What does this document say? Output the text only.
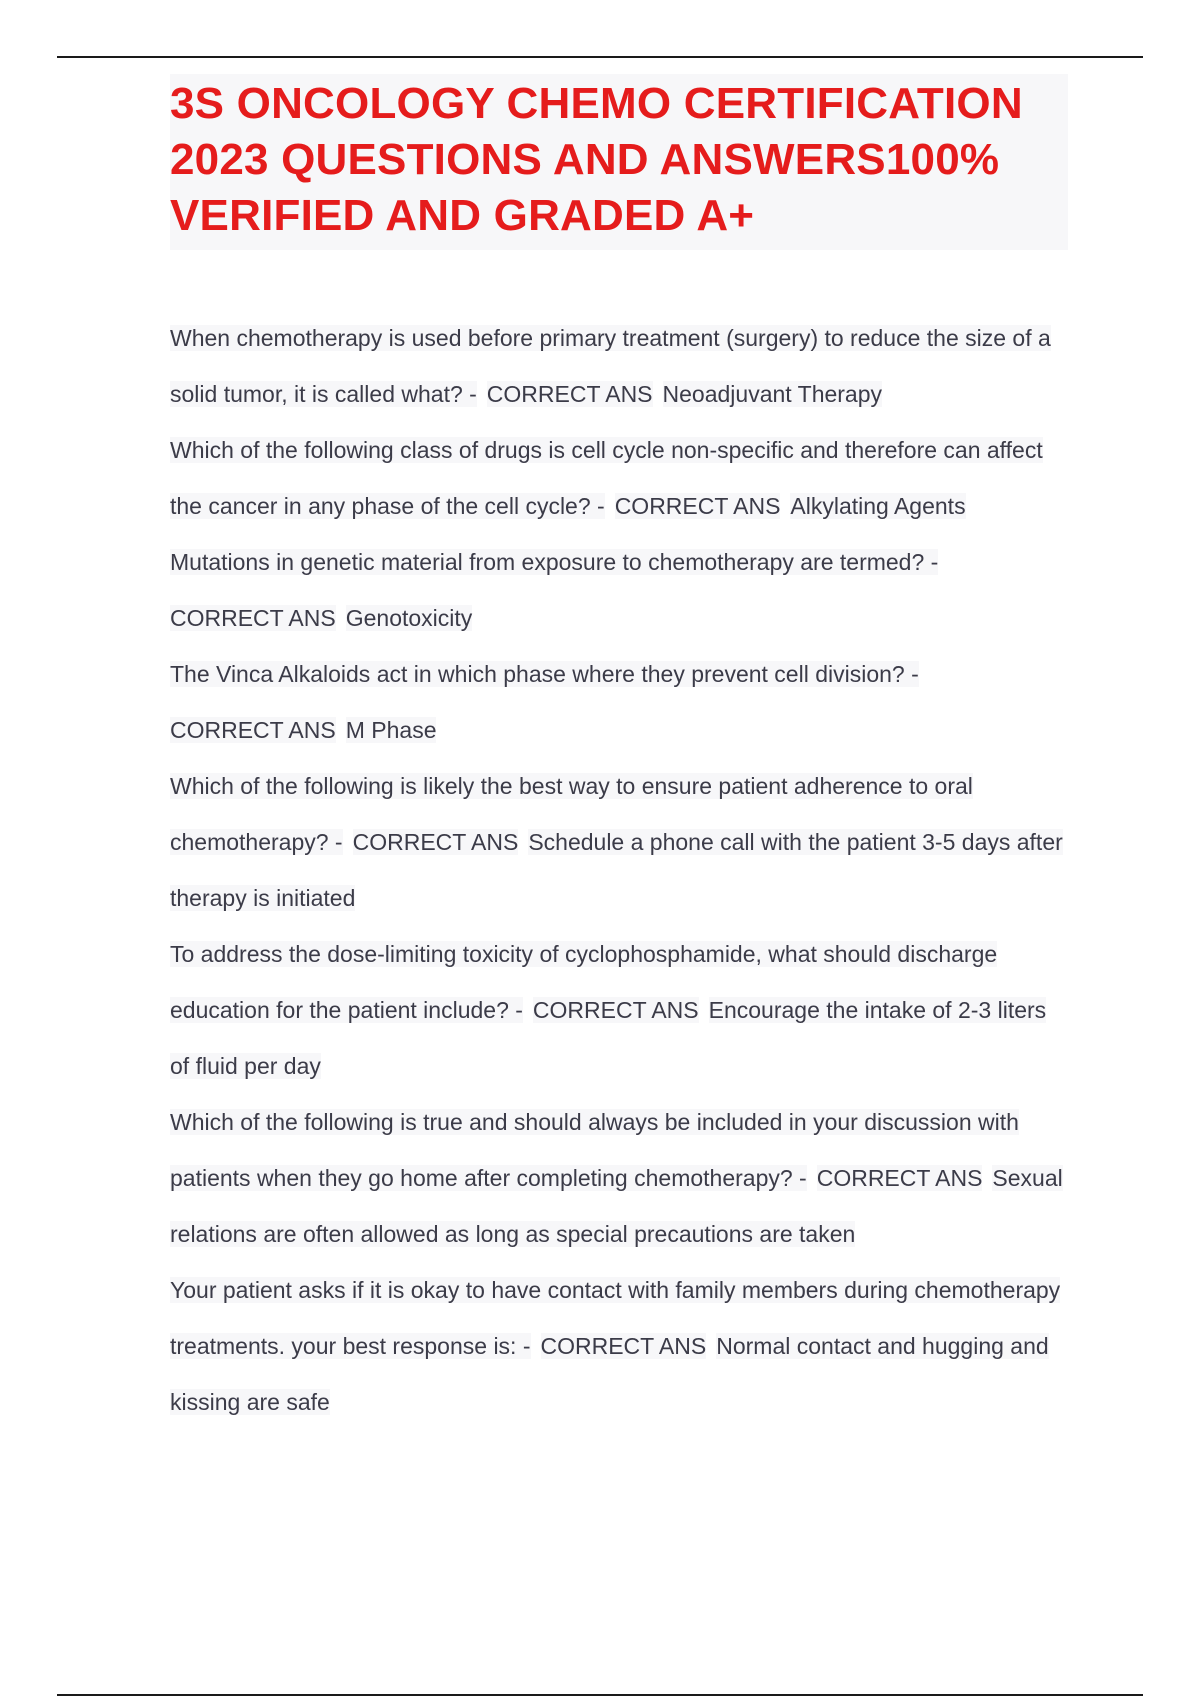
3S ONCOLOGY CHEMO CERTIFICATION 2023 QUESTIONS AND ANSWERS100% VERIFIED AND GRADED A+

When chemotherapy is used before primary treatment (surgery) to reduce the size of a solid tumor, it is called what? - CORRECT ANS Neoadjuvant Therapy

Which of the following class of drugs is cell cycle non-specific and therefore can affect the cancer in any phase of the cell cycle? - CORRECT ANS Alkylating Agents

Mutations in genetic material from exposure to chemotherapy are termed? -CORRECT ANS Genotoxicity

The Vinca Alkaloids act in which phase where they prevent cell division? -CORRECT ANS M Phase

Which of the following is likely the best way to ensure patient adherence to oral chemotherapy? - CORRECT ANS Schedule a phone call with the patient 3-5 days after therapy is initiated

To address the dose-limiting toxicity of cyclophosphamide, what should discharge education for the patient include? - CORRECT ANS Encourage the intake of 2-3 liters of fluid per day

Which of the following is true and should always be included in your discussion with patients when they go home after completing chemotherapy? - CORRECT ANS Sexual relations are often allowed as long as special precautions are taken

Your patient asks if it is okay to have contact with family members during chemotherapy treatments. your best response is: - CORRECT ANS Normal contact and hugging and kissing are safe
